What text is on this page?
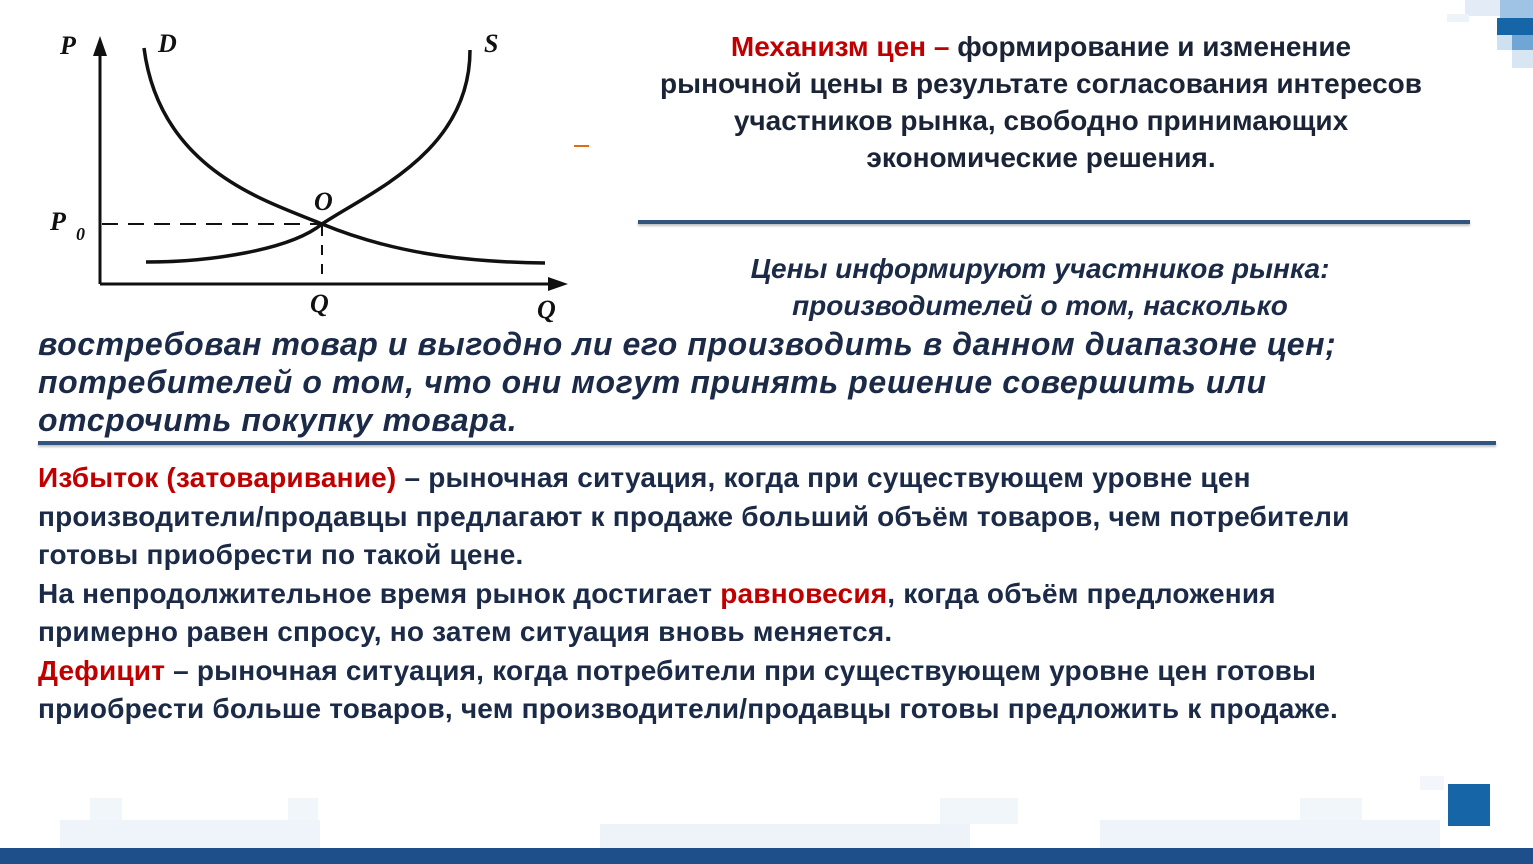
P	D	S
O
P 0
Q	Q
Механизм цен – формирование и изменение
рыночной цены в результате согласования интересов
участников рынка, свободно принимающих
экономические решения.
Цены информируют участников рынка:
производителей о том, насколько
востребован товар и выгодно ли его производить в данном диапазоне цен;
потребителей о том, что они могут принять решение совершить или
отсрочить покупку товара.

Избыток (затоваривание) – рыночная ситуация, когда при существующем уровне цен

производители/продавцы предлагают к продаже больший объём товаров, чем потребители

готовы приобрести по такой цене.

На непродолжительное время рынок достигает равновесия, когда объём предложения

примерно равен спросу, но затем ситуация вновь меняется.

Дефицит – рыночная ситуация, когда потребители при существующем уровне цен готовы

приобрести больше товаров, чем производители/продавцы готовы предложить к продаже.
